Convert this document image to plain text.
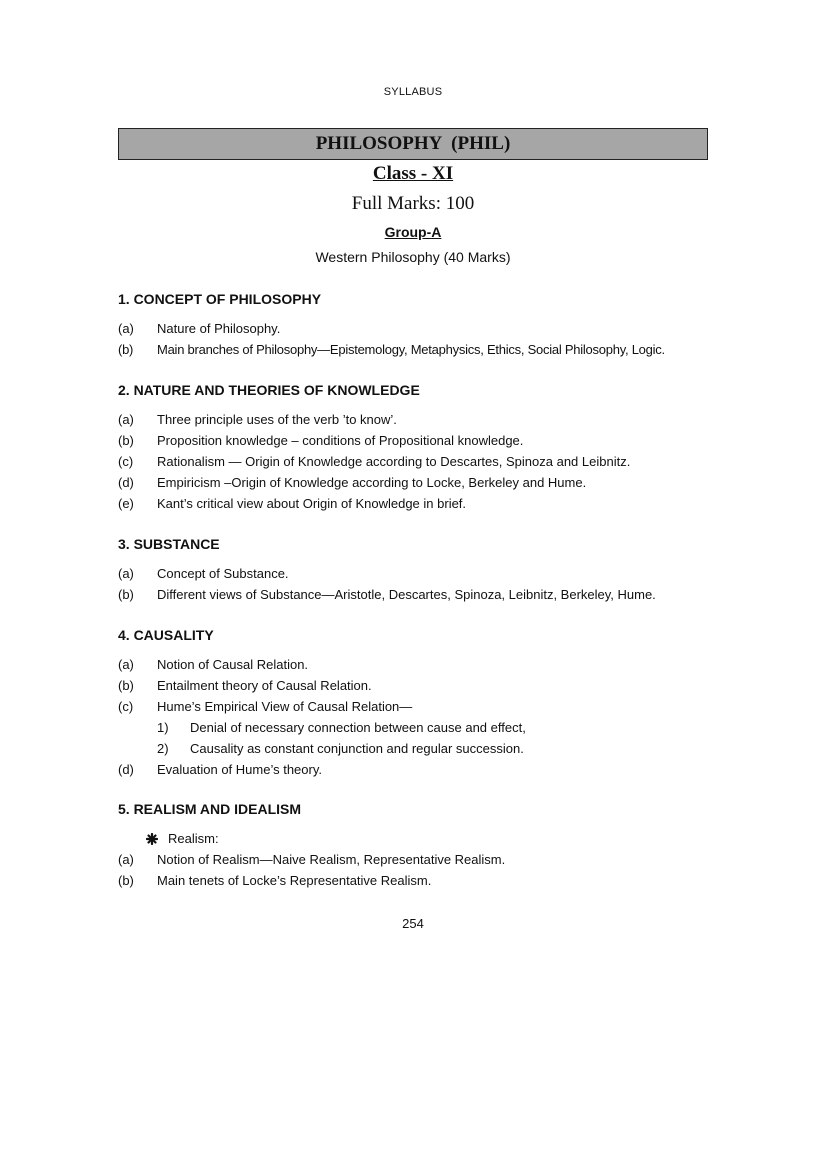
SYLLABUS
PHILOSOPHY  (PHIL)
Class - XI
Full Marks: 100
Group-A
Western Philosophy (40 Marks)
1. CONCEPT OF PHILOSOPHY
(a) Nature of Philosophy.
(b) Main branches of Philosophy—Epistemology, Metaphysics, Ethics, Social Philosophy, Logic.
2. NATURE AND THEORIES OF KNOWLEDGE
(a) Three principle uses of the verb ’to know’.
(b) Proposition knowledge – conditions of Propositional knowledge.
(c) Rationalism — Origin of Knowledge according to Descartes, Spinoza and Leibnitz.
(d) Empiricism –Origin of Knowledge according to Locke, Berkeley and Hume.
(e) Kant’s critical view about Origin of Knowledge in brief.
3. SUBSTANCE
(a) Concept of Substance.
(b) Different views of Substance—Aristotle, Descartes, Spinoza, Leibnitz, Berkeley, Hume.
4. CAUSALITY
(a) Notion of Causal Relation.
(b) Entailment theory of Causal Relation.
(c) Hume’s Empirical View of Causal Relation—
1) Denial of necessary connection between cause and effect,
2) Causality as constant conjunction and regular succession.
(d) Evaluation of Hume’s theory.
5. REALISM AND IDEALISM
Realism:
(a) Notion of Realism—Naive Realism, Representative Realism.
(b) Main tenets of Locke’s Representative Realism.
254
